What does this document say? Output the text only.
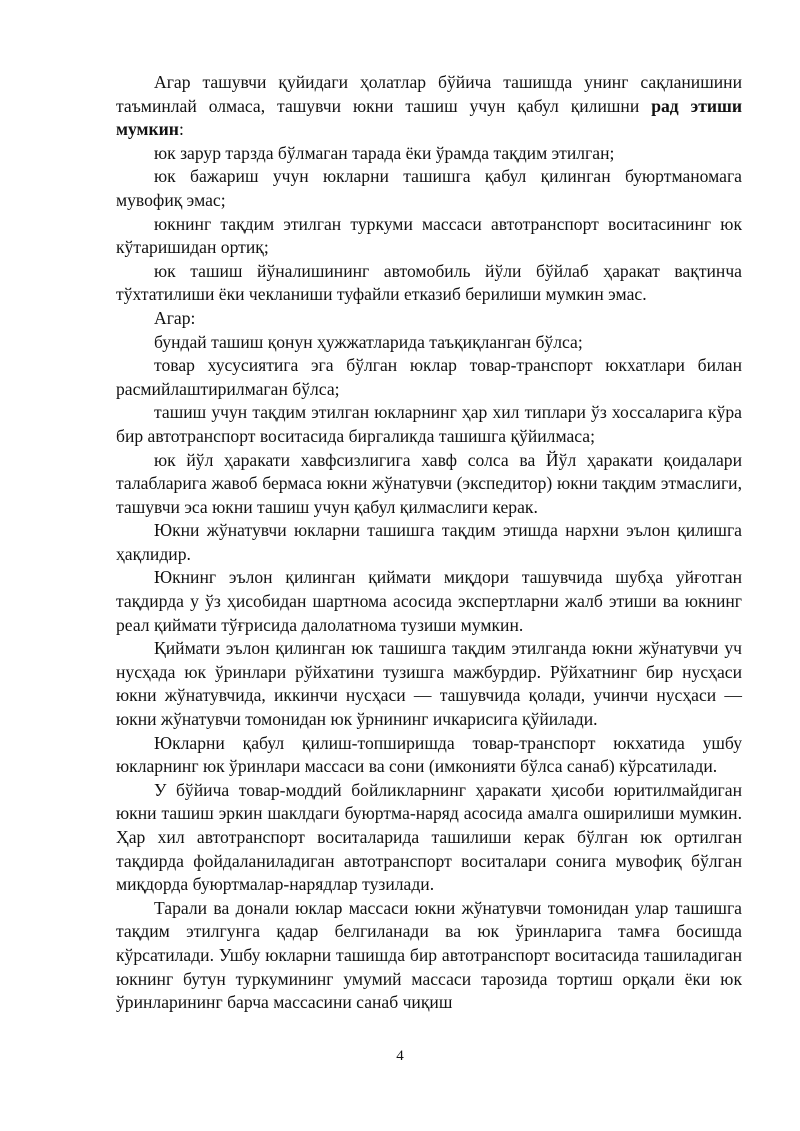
Агар ташувчи қуйидаги ҳолатлар бўйича ташишда унинг сақланишини таъминлай олмаса, ташувчи юкни ташиш учун қабул қилишни рад этиши мумкин:

юк зарур тарзда бўлмаган тарада ёки ўрамда тақдим этилган;

юк бажариш учун юкларни ташишга қабул қилинган буюртманомага мувофиқ эмас;

юкнинг тақдим этилган туркуми массаси автотранспорт воситасининг юк кўтаришидан ортиқ;

юк ташиш йўналишининг автомобиль йўли бўйлаб ҳаракат вақтинча тўхтатилиши ёки чекланиши туфайли етказиб берилиши мумкин эмас.

Агар:

бундай ташиш қонун ҳужжатларида таъқиқланган бўлса;

товар хусусиятига эга бўлган юклар товар-транспорт юкхатлари билан расмийлаштирилмаган бўлса;

ташиш учун тақдим этилган юкларнинг ҳар хил типлари ўз хоссаларига кўра бир автотранспорт воситасида биргаликда ташишга қўйилмаса;

юк йўл ҳаракати хавфсизлигига хавф солса ва Йўл ҳаракати қоидалари талабларига жавоб бермаса юкни жўнатувчи (экспедитор) юкни тақдим этмаслиги, ташувчи эса юкни ташиш учун қабул қилмаслиги керак.

Юкни жўнатувчи юкларни ташишга тақдим этишда нархни эълон қилишга ҳақлидир.

Юкнинг эълон қилинган қиймати миқдори ташувчида шубҳа уйғотган тақдирда у ўз ҳисобидан шартнома асосида экспертларни жалб этиши ва юкнинг реал қиймати тўғрисида далолатнома тузиши мумкин.

Қиймати эълон қилинган юк ташишга тақдим этилганда юкни жўнатувчи уч нусҳада юк ўринлари рўйхатини тузишга мажбурдир. Рўйхатнинг бир нусҳаси юкни жўнатувчида, иккинчи нусҳаси — ташувчида қолади, учинчи нусҳаси — юкни жўнатувчи томонидан юк ўрнининг ичкарисига қўйилади.

Юкларни қабул қилиш-топширишда товар-транспорт юкхатида ушбу юкларнинг юк ўринлари массаси ва сони (имконияти бўлса санаб) кўрсатилади.

У бўйича товар-моддий бойликларнинг ҳаракати ҳисоби юритилмайдиган юкни ташиш эркин шаклдаги буюртма-наряд асосида амалга оширилиши мумкин. Ҳар хил автотранспорт воситаларида ташилиши керак бўлган юк ортилган тақдирда фойдаланиладиган автотранспорт воситалари сонига мувофиқ бўлган миқдорда буюртмалар-нарядлар тузилади.

Тарали ва донали юклар массаси юкни жўнатувчи томонидан улар ташишга тақдим этилгунга қадар белгиланади ва юк ўринларига тамға босишда кўрсатилади. Ушбу юкларни ташишда бир автотранспорт воситасида ташиладиган юкнинг бутун туркумининг умумий массаси тарозида тортиш орқали ёки юк ўринларининг барча массасини санаб чиқиш

4
